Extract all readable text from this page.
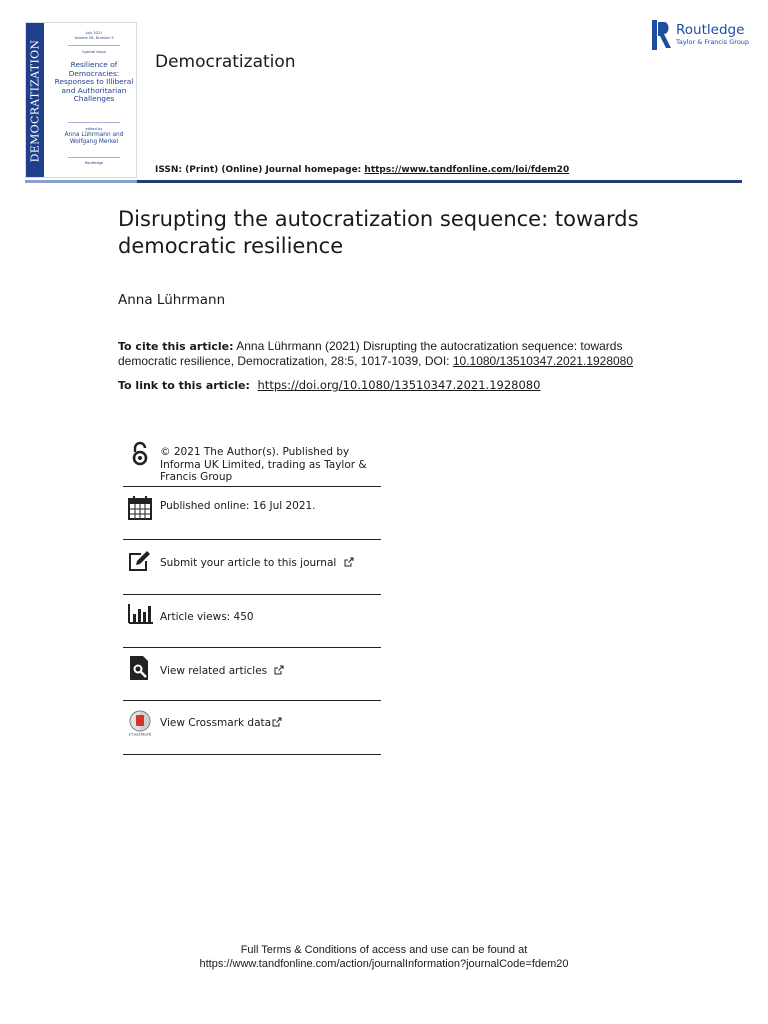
DEMOCRATIZATION
July 2021
Volume 28, Number 5
Special Issue
Resilience of Democracies: Responses to Illiberal and Authoritarian Challenges
edited by
Anna Lührmann and Wolfgang Merkel
Routledge
Democratization
ISSN: (Print) (Online) Journal homepage: https://www.tandfonline.com/loi/fdem20
Routledge
Taylor & Francis Group
Disrupting the autocratization sequence: towards democratic resilience
Anna Lührmann
To cite this article: Anna Lührmann (2021) Disrupting the autocratization sequence: towards democratic resilience, Democratization, 28:5, 1017-1039, DOI: 10.1080/13510347.2021.1928080
To link to this article: https://doi.org/10.1080/13510347.2021.1928080
© 2021 The Author(s). Published by Informa UK Limited, trading as Taylor & Francis Group
Published online: 16 Jul 2021.
Submit your article to this journal
Article views: 450
View related articles
CrossMark
View Crossmark data
Full Terms & Conditions of access and use can be found at
https://www.tandfonline.com/action/journalInformation?journalCode=fdem20
